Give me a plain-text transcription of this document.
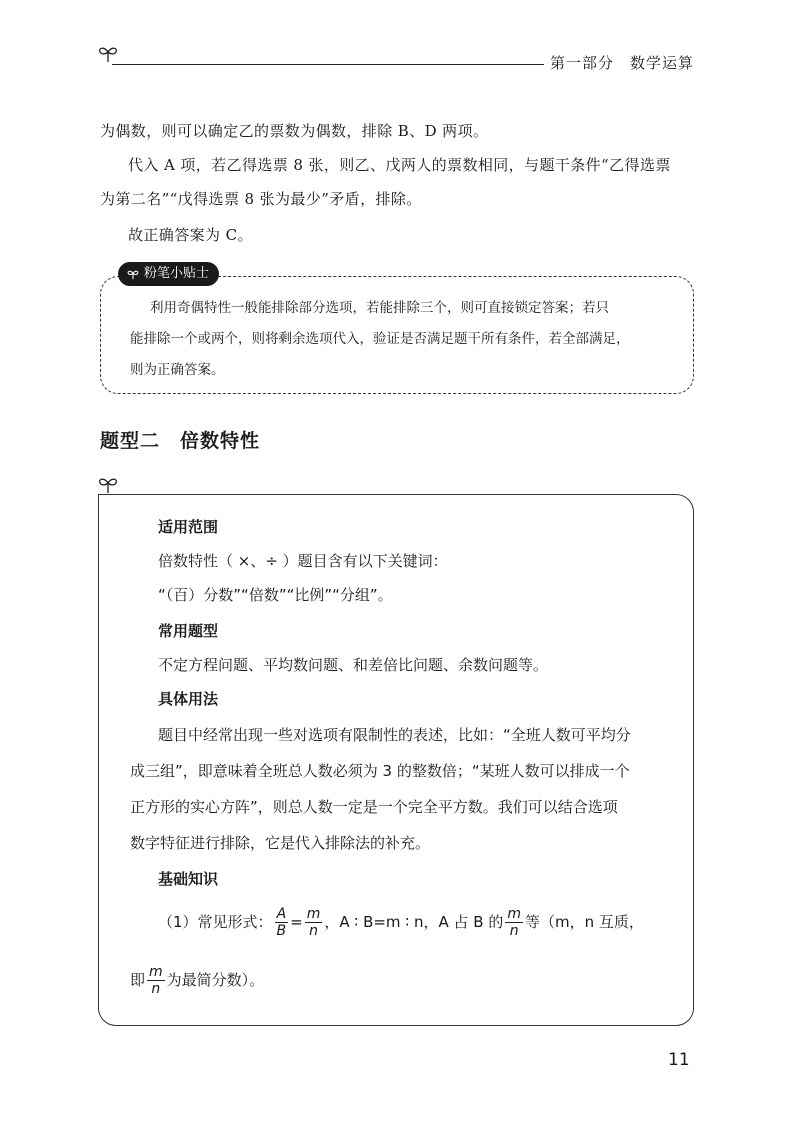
第一部分　数学运算
为偶数，则可以确定乙的票数为偶数，排除 B、D 两项。
代入 A 项，若乙得选票 8 张，则乙、戊两人的票数相同，与题干条件“乙得选票
为第二名”“戊得选票 8 张为最少”矛盾，排除。
故正确答案为 C。
粉笔小贴士
利用奇偶特性一般能排除部分选项，若能排除三个，则可直接锁定答案；若只
能排除一个或两个，则将剩余选项代入，验证是否满足题干所有条件，若全部满足，
则为正确答案。
题型二　倍数特性
适用范围
倍数特性（ ×、÷ ）题目含有以下关键词：
“（百）分数”“倍数”“比例”“分组”。
常用题型
不定方程问题、平均数问题、和差倍比问题、余数问题等。
具体用法
题目中经常出现一些对选项有限制性的表述，比如：“全班人数可平均分
成三组”，即意味着全班总人数必须为 3 的整数倍；“某班人数可以排成一个
正方形的实心方阵”，则总人数一定是一个完全平方数。我们可以结合选项
数字特征进行排除，它是代入排除法的补充。
基础知识
（1）常见形式： $\frac{A}{B} = \frac{m}{n}$ ，A ∶ B=m ∶ n，A 占 B 的 $\frac{m}{n}$ 等（m，n 互质，
即 $\frac{m}{n}$ 为最简分数）。
11
